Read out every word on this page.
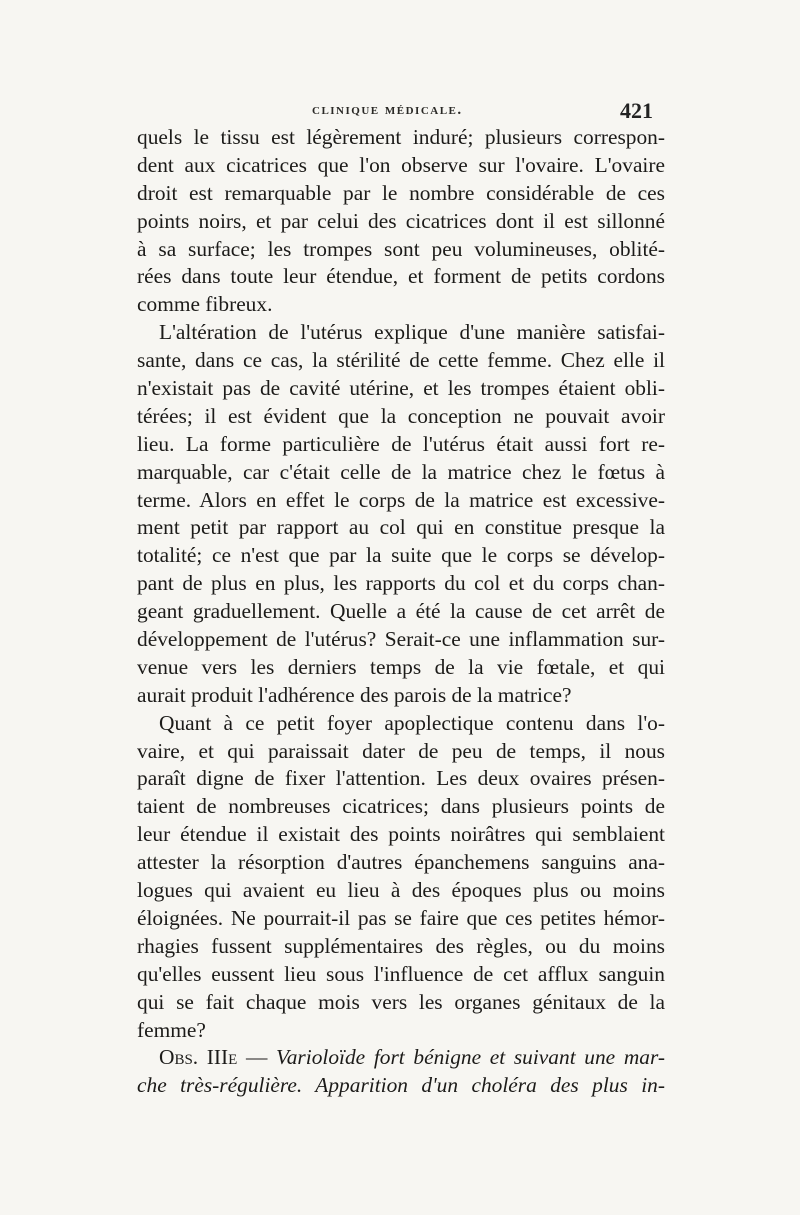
clinique médicale.	421
quels le tissu est légèrement induré; plusieurs correspon-
dent aux cicatrices que l'on observe sur l'ovaire. L'ovaire
droit est remarquable par le nombre considérable de ces
points noirs, et par celui des cicatrices dont il est sillonné
à sa surface; les trompes sont peu volumineuses, oblité-
rées dans toute leur étendue, et forment de petits cordons
comme fibreux.
L'altération de l'utérus explique d'une manière satisfai-
sante, dans ce cas, la stérilité de cette femme. Chez elle il
n'existait pas de cavité utérine, et les trompes étaient obli-
térées; il est évident que la conception ne pouvait avoir
lieu. La forme particulière de l'utérus était aussi fort re-
marquable, car c'était celle de la matrice chez le fœtus à
terme. Alors en effet le corps de la matrice est excessive-
ment petit par rapport au col qui en constitue presque la
totalité; ce n'est que par la suite que le corps se dévelop-
pant de plus en plus, les rapports du col et du corps chan-
geant graduellement. Quelle a été la cause de cet arrêt de
développement de l'utérus? Serait-ce une inflammation sur-
venue vers les derniers temps de la vie fœtale, et qui
aurait produit l'adhérence des parois de la matrice?
Quant à ce petit foyer apoplectique contenu dans l'o-
vaire, et qui paraissait dater de peu de temps, il nous
paraît digne de fixer l'attention. Les deux ovaires présen-
taient de nombreuses cicatrices; dans plusieurs points de
leur étendue il existait des points noirâtres qui semblaient
attester la résorption d'autres épanchemens sanguins ana-
logues qui avaient eu lieu à des époques plus ou moins
éloignées. Ne pourrait-il pas se faire que ces petites hémor-
rhagies fussent supplémentaires des règles, ou du moins
qu'elles eussent lieu sous l'influence de cet afflux sanguin
qui se fait chaque mois vers les organes génitaux de la
femme?
Obs. IIIe — Varioloïde fort bénigne et suivant une mar-
che très-régulière. Apparition d'un choléra des plus in-
